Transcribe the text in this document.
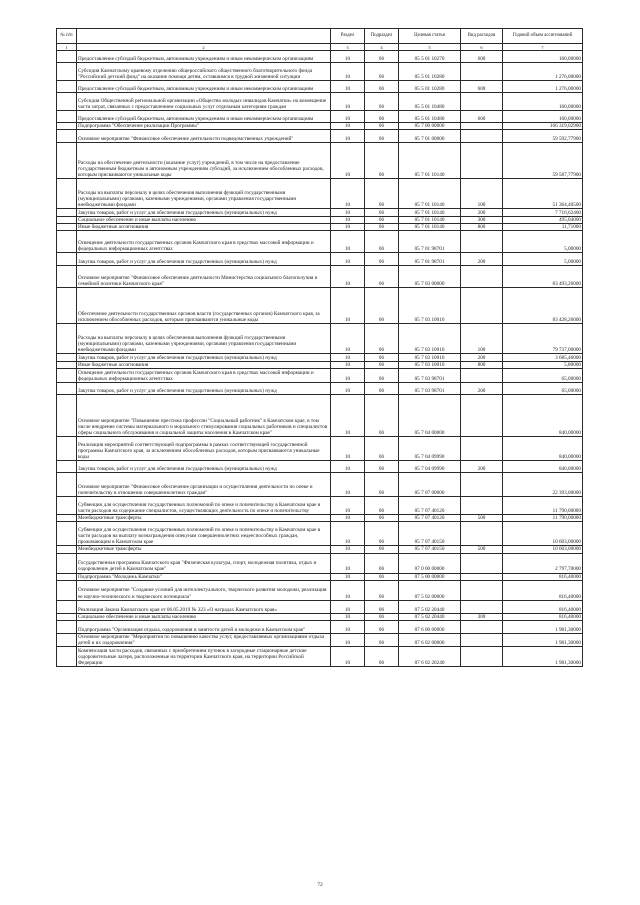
№ п/п		Раздел	Подраздел	Целевая статья	Вид расходов	Годовой объем ассигнований
1	2	3	4	5	6	7
	Предоставление субсидий бюджетным, автономным учреждениям и иным некоммерческим организациям	10	06	05 5 01 10270	600	160,00000
	Субсидия Камчатскому краевому отделению общероссийского общественного благотворительного фонда "Российский детский фонд" на оказание помощи детям, оставшимся в трудной жизненной ситуации	10	06	05 5 01 10280		1 276,00000
	Предоставление субсидий бюджетным, автономным учреждениям и иным некоммерческим организациям	10	06	05 5 01 10280	600	1 276,00000
	Субсидия Общественной региональной организации «Общество молодых инвалидов Камчатки» на возмещение части затрат, связанных с предоставлением социальных услуг отдельным категориям граждан	10	06	05 5 01 10480		160,00000
	Предоставление субсидий бюджетным, автономным учреждениям и иным некоммерческим организациям	10	06	05 5 01 10480	600	160,00000
	Подпрограмма "Обеспечение реализации Программы"	10	06	05 7 00 00000		166 319,02900
	Основное мероприятие "Финансовое обеспечение деятельности подведомственных учреждений"	10	06	05 7 01 00000		59 592,77900
	Расходы на обеспечение деятельности (оказание услуг) учреждений, в том числе на предоставление государственным бюджетным и автономным учреждениям субсидий, за исключением обособленных расходов, которым присваиваются уникальные коды	10	06	05 7 01 10140		59 587,77900
	Расходы на выплаты персоналу в целях обеспечения выполнения функций государственными (муниципальными) органами, казенными учреждениями, органами управления государственными внебюджетными фондами	10	06	05 7 01 10140	100	51 364,40500
	Закупка товаров, работ и услуг для обеспечения государственных (муниципальных) нужд	10	06	05 7 01 10140	200	7 716,62400
	Социальное обеспечение и иные выплаты населению	10	06	05 7 01 10140	300	495,04000
	Иные бюджетные ассигнования	10	06	05 7 01 10140	800	11,71000
	Освещение деятельности государственных органов Камчатского края в средствах массовой информации и федеральных информационных агентствах	10	06	05 7 01 98701		5,00000
	Закупка товаров, работ и услуг для обеспечения государственных (муниципальных) нужд	10	06	05 7 01 98701	200	5,00000
	Основное мероприятие "Финансовое обеспечение деятельности Министерства социального благополучия и семейной политики Камчатского края"	10	06	05 7 03 00000		83 493,26000
	Обеспечение деятельности государственных органов власти (государственных органов) Камчатского края, за исключением обособленных расходов, которым присваиваются уникальные коды	10	06	05 7 03 10010		83 428,26000
	Расходы на выплаты персоналу в целях обеспечения выполнения функций государственными (муниципальными) органами, казенными учреждениями, органами управления государственными внебюджетными фондами	10	06	05 7 03 10010	100	79 737,00000
	Закупка товаров, работ и услуг для обеспечения государственных (муниципальных) нужд	10	06	05 7 03 10010	200	3 685,46000
	Иные бюджетные ассигнования	10	06	05 7 03 10010	800	5,80000
	Освещение деятельности государственных органов Камчатского края в средствах массовой информации и федеральных информационных агентствах	10	06	05 7 03 98701		65,00000
	Закупка товаров, работ и услуг для обеспечения государственных (муниципальных) нужд	10	06	05 7 03 98701	200	65,00000
	Основное мероприятие "Повышение престижа профессии "Социальный работник" в Камчатском крае, в том числе внедрение системы материального и морального стимулирования социальных работников и специалистов сферы социального обслуживания и социальной защиты населения в Камчатском крае"	10	06	05 7 04 00000		840,00000
	Реализация мероприятий соответствующей подпрограммы в рамках соответствующей государственной программы Камчатского края, за исключением обособленных расходов, которым присваиваются уникальные коды	10	06	05 7 04 09990		840,00000
	Закупка товаров, работ и услуг для обеспечения государственных (муниципальных) нужд	10	06	05 7 04 09990	200	840,00000
	Основное мероприятие "Финансовое обеспечение организации и осуществления деятельности по опеке и попечительству в отношении совершеннолетних граждан"	10	06	05 7 07 00000		22 393,00000
	Субвенции для осуществления государственных полномочий по опеке и попечительству в Камчатском крае в части расходов на содержание специалистов, осуществляющих деятельность по опеке и попечительству	10	06	05 7 07 40120		11 790,00000
	Межбюджетные трансферты	10	06	05 7 07 40120	500	11 790,00000
	Субвенции для осуществления государственных полномочий по опеке и попечительству в Камчатском крае в части расходов на выплату вознаграждения опекунам совершеннолетних недееспособных граждан, проживающим в Камчатском крае	10	06	05 7 07 40150		10 603,00000
	Межбюджетные трансферты	10	06	05 7 07 40150	500	10 603,00000
	Государственная программа Камчатского края "Физическая культура, спорт, молодежная политика, отдых и оздоровление детей в Камчатском крае"	10	06	07 0 00 00000		2 797,70000
	Подпрограмма "Молодежь Камчатки"	10	06	07 5 00 00000		816,40000
	Основное мероприятие "Создание условий для интеллектуального, творческого развития молодежи, реализация ее научно-технического и творческого потенциала"	10	06	07 5 02 00000		816,40000
	Реализация Закона Камчатского края от 06.05.2019 № 323 «О наградах Камчатского края»	10	06	07 5 02 20440		816,40000
	Социальное обеспечение и иные выплаты населению	10	06	07 5 02 20440	300	816,40000
	Подпрограмма "Организация отдыха, оздоровления и занятости детей и молодежи в Камчатском крае"	10	06	07 6 00 00000		1 981,30000
	Основное мероприятие "Мероприятия по повышению качества услуг, предоставляемых организациями отдыха детей и их оздоровления"	10	06	07 6 02 00000		1 981,30000
	Компенсация части расходов, связанных с приобретением путевок в загородные стационарные детские оздоровительные лагеря, расположенные на территории Камчатского края, на территории Российской Федерации	10	06	07 6 02 20240		1 981,30000
72
